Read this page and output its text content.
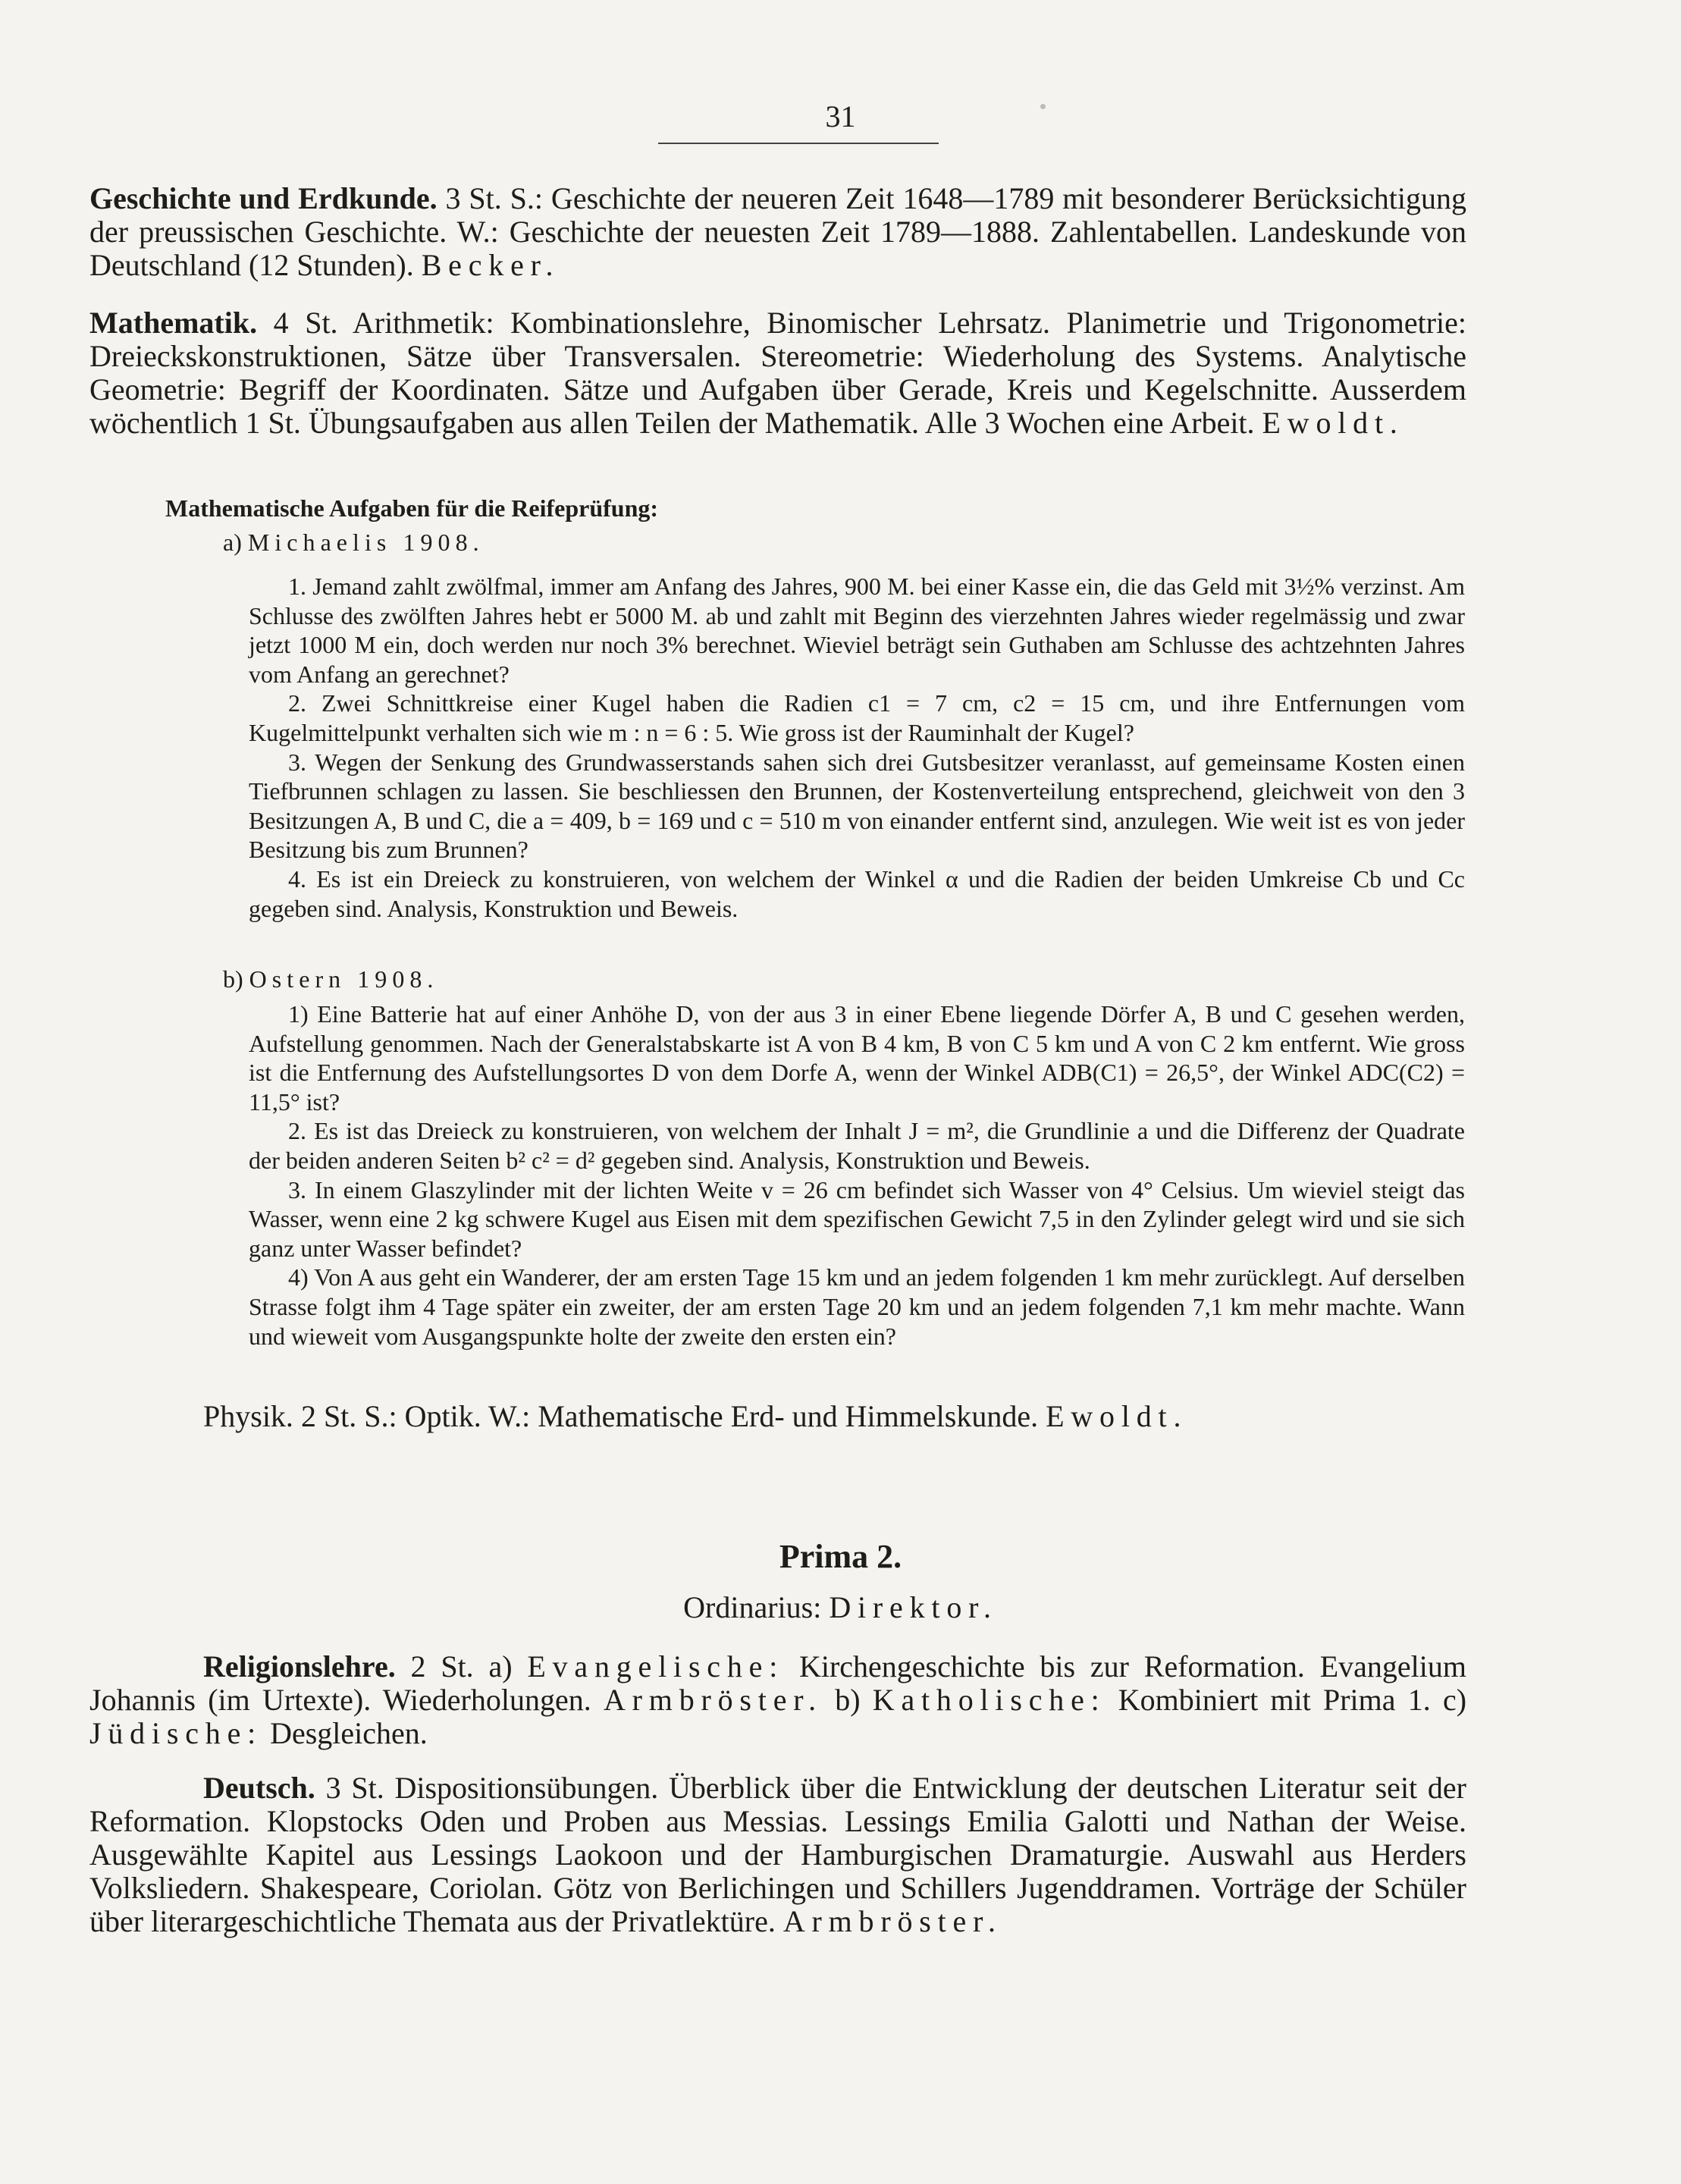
31

Geschichte und Erdkunde. 3 St. S.: Geschichte der neueren Zeit 1648—1789 mit besonderer Berücksichtigung der preussischen Geschichte. W.: Geschichte der neuesten Zeit 1789—1888. Zahlentabellen. Landeskunde von Deutschland (12 Stunden). Becker.

Mathematik. 4 St. Arithmetik: Kombinationslehre, Binomischer Lehrsatz. Planimetrie und Trigonometrie: Dreieckskonstruktionen, Sätze über Transversalen. Stereometrie: Wiederholung des Systems. Analytische Geometrie: Begriff der Koordinaten. Sätze und Aufgaben über Gerade, Kreis und Kegelschnitte. Ausserdem wöchentlich 1 St. Übungsaufgaben aus allen Teilen der Mathematik. Alle 3 Wochen eine Arbeit. Ewoldt.

Mathematische Aufgaben für die Reifeprüfung:

a) Michaelis 1908.

1. Jemand zahlt zwölfmal, immer am Anfang des Jahres, 900 M. bei einer Kasse ein, die das Geld mit 3½% verzinst. Am Schlusse des zwölften Jahres hebt er 5000 M. ab und zahlt mit Beginn des vierzehnten Jahres wieder regelmässig und zwar jetzt 1000 M ein, doch werden nur noch 3% berechnet. Wieviel beträgt sein Guthaben am Schlusse des achtzehnten Jahres vom Anfang an gerechnet?

2. Zwei Schnittkreise einer Kugel haben die Radien c1 = 7 cm, c2 = 15 cm, und ihre Entfernungen vom Kugelmittelpunkt verhalten sich wie m : n = 6 : 5. Wie gross ist der Rauminhalt der Kugel?

3. Wegen der Senkung des Grundwasserstands sahen sich drei Gutsbesitzer veranlasst, auf gemeinsame Kosten einen Tiefbrunnen schlagen zu lassen. Sie beschliessen den Brunnen, der Kostenverteilung entsprechend, gleichweit von den 3 Besitzungen A, B und C, die a = 409, b = 169 und c = 510 m von einander entfernt sind, anzulegen. Wie weit ist es von jeder Besitzung bis zum Brunnen?

4. Es ist ein Dreieck zu konstruieren, von welchem der Winkel α und die Radien der beiden Umkreise Cb und Cc gegeben sind. Analysis, Konstruktion und Beweis.

b) Ostern 1908.

1) Eine Batterie hat auf einer Anhöhe D, von der aus 3 in einer Ebene liegende Dörfer A, B und C gesehen werden, Aufstellung genommen. Nach der Generalstabskarte ist A von B 4 km, B von C 5 km und A von C 2 km entfernt. Wie gross ist die Entfernung des Aufstellungsortes D von dem Dorfe A, wenn der Winkel ADB(C1) = 26,5°, der Winkel ADC(C2) = 11,5° ist?

2. Es ist das Dreieck zu konstruieren, von welchem der Inhalt J = m², die Grundlinie a und die Differenz der Quadrate der beiden anderen Seiten b² c² = d² gegeben sind. Analysis, Konstruktion und Beweis.

3. In einem Glaszylinder mit der lichten Weite v = 26 cm befindet sich Wasser von 4° Celsius. Um wieviel steigt das Wasser, wenn eine 2 kg schwere Kugel aus Eisen mit dem spezifischen Gewicht 7,5 in den Zylinder gelegt wird und sie sich ganz unter Wasser befindet?

4) Von A aus geht ein Wanderer, der am ersten Tage 15 km und an jedem folgenden 1 km mehr zurücklegt. Auf derselben Strasse folgt ihm 4 Tage später ein zweiter, der am ersten Tage 20 km und an jedem folgenden 7,1 km mehr machte. Wann und wieweit vom Ausgangspunkte holte der zweite den ersten ein?

Physik. 2 St. S.: Optik. W.: Mathematische Erd- und Himmelskunde. Ewoldt.

Prima 2.

Ordinarius: Direktor.

Religionslehre. 2 St. a) Evangelische: Kirchengeschichte bis zur Reformation. Evangelium Johannis (im Urtexte). Wiederholungen. Armbröster. b) Katholische: Kombiniert mit Prima 1. c) Jüdische: Desgleichen.

Deutsch. 3 St. Dispositionsübungen. Überblick über die Entwicklung der deutschen Literatur seit der Reformation. Klopstocks Oden und Proben aus Messias. Lessings Emilia Galotti und Nathan der Weise. Ausgewählte Kapitel aus Lessings Laokoon und der Hamburgischen Dramaturgie. Auswahl aus Herders Volksliedern. Shakespeare, Coriolan. Götz von Berlichingen und Schillers Jugenddramen. Vorträge der Schüler über literargeschichtliche Themata aus der Privatlektüre. Armbröster.
